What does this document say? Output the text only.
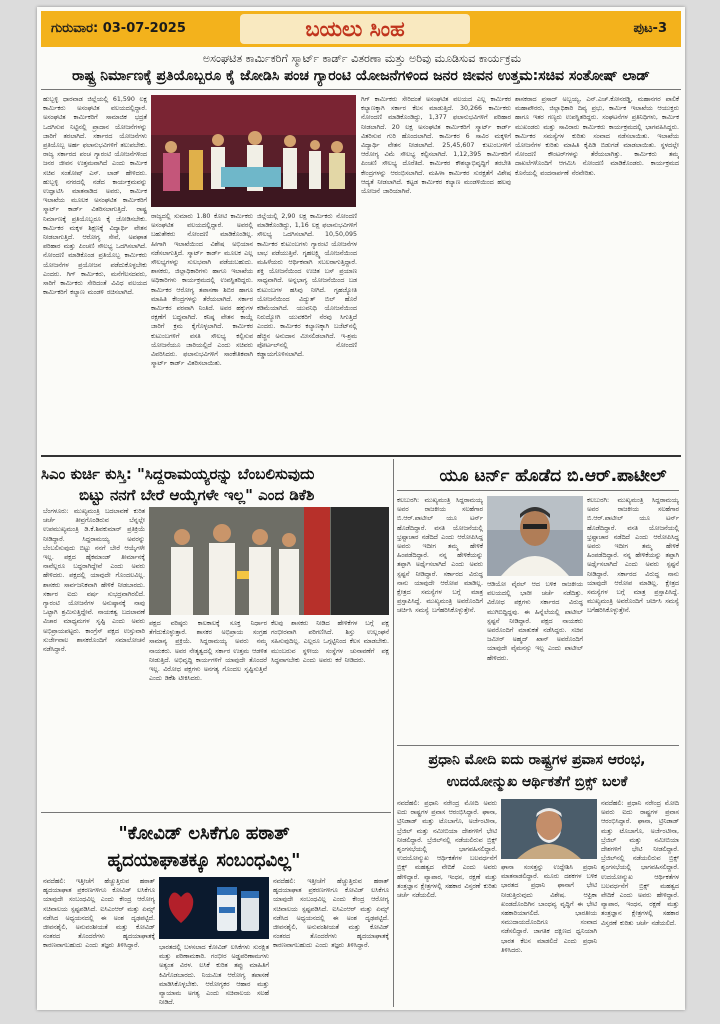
ಗುರುವಾರ: 03-07-2025	ಬಯಲು ಸಿಂಹ	ಪುಟ-3
ಅಸಂಘಟಿತ ಕಾರ್ಮಿಕರಿಗೆ ಸ್ಮಾರ್ಟ್ ಕಾರ್ಡ್ ವಿತರಣಾ ಮತ್ತು ಅರಿವು ಮೂಡಿಸುವ ಕಾರ್ಯಕ್ರಮ
ರಾಷ್ಟ್ರ ನಿರ್ಮಾಣಕ್ಕೆ ಪ್ರತಿಯೊಬ್ಬರೂ ಕೈ ಜೋಡಿಸಿ ಪಂಚ ಗ್ಯಾರಂಟಿ ಯೋಜನೆಗಳಿಂದ ಜನರ ಜೀವನ ಉತ್ತಮ:ಸಚಿವ ಸಂತೋಷ್ ಲಾಡ್
ಹುಬ್ಬಳ್ಳಿ ಧಾರವಾಡ ಜಿಲ್ಲೆಯಲ್ಲಿ 61,590 ಲಕ್ಷ ಕಾರ್ಮಿಕರು ಅಸಂಘಟಿತ ವಲಯದಲ್ಲಿದ್ದಾರೆ. ಅಸಂಘಟಿತ ಕಾರ್ಮಿಕರಿಗೆ ಸಾಮಾಜಿಕ ಭದ್ರತೆ ಒದಗಿಸುವ ನಿಟ್ಟಿನಲ್ಲಿ ಪ್ರಾದಾನ ಯೋಜನೆಗಳನ್ನು ಜಾರಿಗೆ ತರಲಾಗಿದೆ. ಸರ್ಕಾರದ ಯೋಜನೆಗಳು ಪ್ರತಿಯೊಬ್ಬ ಅರ್ಹ ಫಲಾನುಭವಿಗಳಿಗೆ ತಲುಪಬೇಕು. ರಾಜ್ಯ ಸರ್ಕಾರದ ಪಂಚ ಗ್ಯಾರಂಟಿ ಯೋಜನೆಗಳಿಂದ ಜನರ ಜೀವನ ಉತ್ತಮವಾಗಿದೆ ಎಂದು ಕಾರ್ಮಿಕ ಸಚಿವ ಸಂತೋಷ್ ಎಸ್. ಲಾಡ್ ಹೇಳಿದರು. ಹುಬ್ಬಳ್ಳಿ ನಗರದಲ್ಲಿ ನಡೆದ ಕಾರ್ಯಕ್ರಮವನ್ನು ಉದ್ಘಾಟಿಸಿ ಮಾತನಾಡಿದ ಅವರು, ಕಾರ್ಮಿಕ ಇಲಾಖೆಯ ಮೂಲಕ ಅಸಂಘಟಿತ ಕಾರ್ಮಿಕರಿಗೆ ಸ್ಮಾರ್ಟ್ ಕಾರ್ಡ್ ವಿತರಿಸಲಾಗುತ್ತಿದೆ. ರಾಷ್ಟ್ರ ನಿರ್ಮಾಣಕ್ಕೆ ಪ್ರತಿಯೊಬ್ಬರೂ ಕೈ ಜೋಡಿಸಬೇಕು. ಕಾರ್ಮಿಕರ ಮಕ್ಕಳ ಶಿಕ್ಷಣಕ್ಕೆ ವಿದ್ಯಾರ್ಥಿ ವೇತನ ನೀಡಲಾಗುತ್ತಿದೆ. ಆರೋಗ್ಯ ಸೇವೆ, ಅಪಘಾತ ಪರಿಹಾರ ಮತ್ತು ಪಿಂಚಣಿ ಸೌಲಭ್ಯ ಒದಗಿಸಲಾಗಿದೆ. ನೋಂದಣಿ ಮಾಡಿಕೊಂಡ ಪ್ರತಿಯೊಬ್ಬ ಕಾರ್ಮಿಕರು ಯೋಜನೆಗಳ ಪ್ರಯೋಜನ ಪಡೆದುಕೊಳ್ಳಬೇಕು ಎಂದರು. ಗಿಗ್ ಕಾರ್ಮಿಕರು, ಮನೆಗೆಲಸದವರು, ಸಾರಿಗೆ ಕಾರ್ಮಿಕರು ಸೇರಿದಂತೆ ವಿವಿಧ ವಲಯದ ಕಾರ್ಮಿಕರಿಗೆ ಕಲ್ಯಾಣ ಮಂಡಳಿ ರಚಿಸಲಾಗಿದೆ.
ರಾಜ್ಯದಲ್ಲಿ ಸುಮಾರು 1.80 ಕೋಟಿ ಕಾರ್ಮಿಕರು ಅಸಂಘಟಿತ ವಲಯದಲ್ಲಿದ್ದಾರೆ. ಅವರಲ್ಲಿ ಬಹುತೇಕರು ನೋಂದಣಿ ಮಾಡಿಕೊಂಡಿಲ್ಲ. ಹೀಗಾಗಿ ಇಲಾಖೆಯಿಂದ ವಿಶೇಷ ಅಭಿಯಾನ ನಡೆಸಲಾಗುತ್ತಿದೆ. ಸ್ಮಾರ್ಟ್ ಕಾರ್ಡ್ ಮೂಲಕ ಎಲ್ಲ ಸೌಲಭ್ಯಗಳನ್ನು ಸುಲಭವಾಗಿ ಪಡೆಯಬಹುದು. ಶಾಸಕರು, ಜಿಲ್ಲಾಧಿಕಾರಿಗಳು ಹಾಗೂ ಇಲಾಖೆಯ ಅಧಿಕಾರಿಗಳು ಕಾರ್ಯಕ್ರಮದಲ್ಲಿ ಉಪಸ್ಥಿತರಿದ್ದರು. ಕಾರ್ಮಿಕರ ಆರೋಗ್ಯ ತಪಾಸಣಾ ಶಿಬಿರ ಹಾಗೂ ಮಾಹಿತಿ ಕೇಂದ್ರಗಳನ್ನು ತೆರೆಯಲಾಗಿದೆ. ಸರ್ಕಾರ ಕಾರ್ಮಿಕರ ಪರವಾಗಿ ನಿಂತಿದೆ. ಅವರ ಹಕ್ಕುಗಳ ರಕ್ಷಣೆಗೆ ಬದ್ಧವಾಗಿದೆ. ಕನಿಷ್ಠ ವೇತನ ಕಾಯ್ದೆ ಜಾರಿಗೆ ಕ್ರಮ ಕೈಗೊಳ್ಳಲಾಗಿದೆ. ಕಾರ್ಮಿಕರ ಕುಟುಂಬಗಳಿಗೆ ವಸತಿ ಸೌಲಭ್ಯ ಕಲ್ಪಿಸುವ ಯೋಜನೆಯೂ ಜಾರಿಯಲ್ಲಿದೆ ಎಂದು ಸಚಿವರು ವಿವರಿಸಿದರು. ಫಲಾನುಭವಿಗಳಿಗೆ ಸಾಂಕೇತಿಕವಾಗಿ ಸ್ಮಾರ್ಟ್ ಕಾರ್ಡ್ ವಿತರಿಸಲಾಯಿತು.
ಜಿಲ್ಲೆಯಲ್ಲಿ 2,90 ಲಕ್ಷ ಕಾರ್ಮಿಕರು ನೋಂದಣಿ ಮಾಡಿಕೊಂಡಿದ್ದು, 1,16 ಲಕ್ಷ ಫಲಾನುಭವಿಗಳಿಗೆ ಸೌಲಭ್ಯ ಒದಗಿಸಲಾಗಿದೆ. 10,50,095 ಕಾರ್ಮಿಕರ ಕುಟುಂಬಗಳು ಗ್ಯಾರಂಟಿ ಯೋಜನೆಗಳ ಲಾಭ ಪಡೆಯುತ್ತಿವೆ. ಗೃಹಲಕ್ಷ್ಮಿ ಯೋಜನೆಯಿಂದ ಮಹಿಳೆಯರು ಆರ್ಥಿಕವಾಗಿ ಸಬಲರಾಗುತ್ತಿದ್ದಾರೆ. ಶಕ್ತಿ ಯೋಜನೆಯಿಂದ ಉಚಿತ ಬಸ್ ಪ್ರಯಾಣ ಸಾಧ್ಯವಾಗಿದೆ. ಅನ್ನಭಾಗ್ಯ ಯೋಜನೆಯಿಂದ ಬಡ ಕುಟುಂಬಗಳ ಹಸಿವು ನೀಗಿದೆ. ಗೃಹಜ್ಯೋತಿ ಯೋಜನೆಯಿಂದ ವಿದ್ಯುತ್ ಬಿಲ್ ಹೊರೆ ಕಡಿಮೆಯಾಗಿದೆ. ಯುವನಿಧಿ ಯೋಜನೆಯಿಂದ ನಿರುದ್ಯೋಗಿ ಯುವಕರಿಗೆ ನೆರವು ಸಿಗುತ್ತಿದೆ ಎಂದರು. ಕಾರ್ಮಿಕರ ಕಲ್ಯಾಣಕ್ಕಾಗಿ ಬಜೆಟ್‌ನಲ್ಲಿ ಹೆಚ್ಚಿನ ಅನುದಾನ ಮೀಸಲಿಡಲಾಗಿದೆ. ಇ-ಶ್ರಮ ಪೋರ್ಟಲ್‌ನಲ್ಲಿ ನೋಂದಣಿ ಕಡ್ಡಾಯಗೊಳಿಸಲಾಗಿದೆ.
ಗಿಗ್ ಕಾರ್ಮಿಕರು ಸೇರಿದಂತೆ ಅಸಂಘಟಿತ ವಲಯದ ಎಲ್ಲ ಕಾರ್ಮಿಕರ ಕಲ್ಯಾಣಕ್ಕಾಗಿ ಸರ್ಕಾರ ಕೆಲಸ ಮಾಡುತ್ತಿದೆ. 30,266 ಕಾರ್ಮಿಕರು ನೋಂದಣಿ ಮಾಡಿಕೊಂಡಿದ್ದು, 1,377 ಫಲಾನುಭವಿಗಳಿಗೆ ಪರಿಹಾರ ನೀಡಲಾಗಿದೆ. 20 ಲಕ್ಷ ಅಸಂಘಟಿತ ಕಾರ್ಮಿಕರಿಗೆ ಸ್ಮಾರ್ಟ್ ಕಾರ್ಡ್ ವಿತರಿಸುವ ಗುರಿ ಹೊಂದಲಾಗಿದೆ. ಕಾರ್ಮಿಕರ 6 ಸಾವಿರ ಮಕ್ಕಳಿಗೆ ವಿದ್ಯಾರ್ಥಿ ವೇತನ ನೀಡಲಾಗಿದೆ. 25,45,607 ಕುಟುಂಬಗಳಿಗೆ ಆರೋಗ್ಯ ವಿಮೆ ಸೌಲಭ್ಯ ಕಲ್ಪಿಸಲಾಗಿದೆ. 1,12,395 ಕಾರ್ಮಿಕರಿಗೆ ಪಿಂಚಣಿ ಸೌಲಭ್ಯ ದೊರೆತಿದೆ. ಕಾರ್ಮಿಕರ ಕೌಶಲ್ಯಾಭಿವೃದ್ಧಿಗೆ ತರಬೇತಿ ಕೇಂದ್ರಗಳನ್ನು ಆರಂಭಿಸಲಾಗಿದೆ. ಮಹಿಳಾ ಕಾರ್ಮಿಕರ ಸುರಕ್ಷತೆಗೆ ವಿಶೇಷ ಆದ್ಯತೆ ನೀಡಲಾಗಿದೆ. ಕಟ್ಟಡ ಕಾರ್ಮಿಕರ ಕಲ್ಯಾಣ ಮಂಡಳಿಯಿಂದ ಹಲವು ಯೋಜನೆ ಜಾರಿಯಾಗಿವೆ.
ಶಾಸಕರಾದ ಪ್ರಸಾದ್ ಅಬ್ಬಯ್ಯ, ಎನ್.ಎಚ್.ಕೋನರಡ್ಡಿ, ಮಹಾನಗರ ಪಾಲಿಕೆ ಮಹಾಪೌರರು, ಜಿಲ್ಲಾಧಿಕಾರಿ ದಿವ್ಯ ಪ್ರಭು, ಕಾರ್ಮಿಕ ಇಲಾಖೆಯ ಆಯುಕ್ತರು ಹಾಗೂ ಇತರ ಗಣ್ಯರು ಉಪಸ್ಥಿತರಿದ್ದರು. ಸಂಘಟನೆಗಳ ಪ್ರತಿನಿಧಿಗಳು, ಕಾರ್ಮಿಕ ಮುಖಂಡರು ಮತ್ತು ಸಾವಿರಾರು ಕಾರ್ಮಿಕರು ಕಾರ್ಯಕ್ರಮದಲ್ಲಿ ಭಾಗವಹಿಸಿದ್ದರು. ಕಾರ್ಮಿಕರ ಸಮಸ್ಯೆಗಳ ಕುರಿತು ಸಂವಾದ ನಡೆಸಲಾಯಿತು. ಇಲಾಖೆಯ ಯೋಜನೆಗಳ ಕುರಿತು ಮಾಹಿತಿ ಕೈಪಿಡಿ ಬಿಡುಗಡೆ ಮಾಡಲಾಯಿತು. ಸ್ಥಳದಲ್ಲೇ ನೋಂದಣಿ ಕೌಂಟರ್‌ಗಳನ್ನು ತೆರೆಯಲಾಗಿತ್ತು. ಕಾರ್ಮಿಕರು ತಮ್ಮ ದಾಖಲೆಗಳೊಂದಿಗೆ ಆಗಮಿಸಿ ನೋಂದಣಿ ಮಾಡಿಕೊಂಡರು. ಕಾರ್ಯಕ್ರಮದ ಕೊನೆಯಲ್ಲಿ ವಂದನಾರ್ಪಣೆ ನೆರವೇರಿತು.
ಸಿಎಂ ಕುರ್ಚಿ ಕುಸ್ತಿ: "ಸಿದ್ದರಾಮಯ್ಯರನ್ನು ಬೆಂಬಲಿಸುವುದು
ಬಿಟ್ಟು ನನಗೆ ಬೇರೆ ಆಯ್ಕೆಗಳೇ ಇಲ್ಲ" ಎಂದ ಡಿಕೆಶಿ
ಬೆಂಗಳೂರು: ಮುಖ್ಯಮಂತ್ರಿ ಬದಲಾವಣೆ ಕುರಿತ ಚರ್ಚೆ ತೀವ್ರಗೊಂಡಿರುವ ಬೆನ್ನಲ್ಲೇ ಉಪಮುಖ್ಯಮಂತ್ರಿ ಡಿ.ಕೆ.ಶಿವಕುಮಾರ್ ಪ್ರತಿಕ್ರಿಯೆ ನೀಡಿದ್ದಾರೆ. ಸಿದ್ದರಾಮಯ್ಯ ಅವರನ್ನು ಬೆಂಬಲಿಸುವುದು ಬಿಟ್ಟು ನನಗೆ ಬೇರೆ ಆಯ್ಕೆಗಳೇ ಇಲ್ಲ. ಪಕ್ಷದ ಹೈಕಮಾಂಡ್ ತೀರ್ಮಾನಕ್ಕೆ ನಾವೆಲ್ಲರೂ ಬದ್ಧರಾಗಿದ್ದೇವೆ ಎಂದು ಅವರು ಹೇಳಿದರು. ಪಕ್ಷದಲ್ಲಿ ಯಾವುದೇ ಗೊಂದಲವಿಲ್ಲ. ಶಾಸಕರು ಸಾರ್ವಜನಿಕವಾಗಿ ಹೇಳಿಕೆ ನೀಡಬಾರದು. ಸರ್ಕಾರ ಐದು ವರ್ಷ ಸುಭದ್ರವಾಗಿರಲಿದೆ. ಗ್ಯಾರಂಟಿ ಯೋಜನೆಗಳ ಅನುಷ್ಠಾನಕ್ಕೆ ನಾವು ಒಟ್ಟಾಗಿ ಶ್ರಮಿಸುತ್ತಿದ್ದೇವೆ. ನಾಯಕತ್ವ ಬದಲಾವಣೆ ವಿಚಾರ ಮಾಧ್ಯಮಗಳ ಸೃಷ್ಟಿ ಎಂದು ಅವರು ಅಭಿಪ್ರಾಯಪಟ್ಟರು. ಕಾಂಗ್ರೆಸ್ ಪಕ್ಷದ ಉಸ್ತುವಾರಿ ಸುರ್ಜೇವಾಲ ಶಾಸಕರೊಂದಿಗೆ ಸಮಾಲೋಚನೆ ನಡೆಸಿದ್ದಾರೆ.
ಪಕ್ಷದ ವರಿಷ್ಠರು ಕಾಲಕಾಲಕ್ಕೆ ಸೂಕ್ತ ನಿರ್ಧಾರ ತೆಗೆದುಕೊಳ್ಳುತ್ತಾರೆ. ಶಾಸಕರ ಅಭಿಪ್ರಾಯ ಸಂಗ್ರಹ ಸಾಮಾನ್ಯ ಪ್ರಕ್ರಿಯೆ. ಸಿದ್ದರಾಮಯ್ಯ ಅವರು ನಮ್ಮ ನಾಯಕರು. ಅವರ ನೇತೃತ್ವದಲ್ಲಿ ಸರ್ಕಾರ ಉತ್ತಮ ಆಡಳಿತ ನೀಡುತ್ತಿದೆ. ಅಭಿವೃದ್ಧಿ ಕಾರ್ಯಗಳಿಗೆ ಯಾವುದೇ ತೊಂದರೆ ಇಲ್ಲ. ವಿರೋಧ ಪಕ್ಷಗಳು ಅನಗತ್ಯ ಗೊಂದಲ ಸೃಷ್ಟಿಸುತ್ತಿವೆ ಎಂದು ಡಿಕೆಶಿ ಟೀಕಿಸಿದರು.
ಕೆಲವು ಶಾಸಕರು ನೀಡಿದ ಹೇಳಿಕೆಗಳ ಬಗ್ಗೆ ಪಕ್ಷ ಗಂಭೀರವಾಗಿ ಪರಿಗಣಿಸಿದೆ. ಶಿಸ್ತು ಉಲ್ಲಂಘನೆ ಸಹಿಸುವುದಿಲ್ಲ. ಎಲ್ಲರೂ ಒಗ್ಗಟ್ಟಿನಿಂದ ಕೆಲಸ ಮಾಡಬೇಕು. ಮುಂಬರುವ ಸ್ಥಳೀಯ ಸಂಸ್ಥೆಗಳ ಚುನಾವಣೆಗೆ ಪಕ್ಷ ಸಿದ್ಧವಾಗಬೇಕು ಎಂದು ಅವರು ಕರೆ ನೀಡಿದರು.
ಯೂ ಟರ್ನ್ ಹೊಡೆದ ಬಿ.ಆರ್.ಪಾಟೀಲ್
ಕಲಬುರಗಿ: ಮುಖ್ಯಮಂತ್ರಿ ಸಿದ್ದರಾಮಯ್ಯ ಅವರ ರಾಜಕೀಯ ಸಲಹೆಗಾರ ಬಿ.ಆರ್.ಪಾಟೀಲ್ ಯೂ ಟರ್ನ್ ಹೊಡೆದಿದ್ದಾರೆ. ವಸತಿ ಯೋಜನೆಯಲ್ಲಿ ಭ್ರಷ್ಟಾಚಾರ ನಡೆದಿದೆ ಎಂದು ಆರೋಪಿಸಿದ್ದ ಅವರು ಇದೀಗ ತಮ್ಮ ಹೇಳಿಕೆ ಹಿಂಪಡೆದಿದ್ದಾರೆ. ನನ್ನ ಹೇಳಿಕೆಯನ್ನು ತಪ್ಪಾಗಿ ಅರ್ಥೈಸಲಾಗಿದೆ ಎಂದು ಅವರು ಸ್ಪಷ್ಟನೆ ನೀಡಿದ್ದಾರೆ. ಸರ್ಕಾರದ ವಿರುದ್ಧ ನಾನು ಯಾವುದೇ ಆರೋಪ ಮಾಡಿಲ್ಲ. ಕ್ಷೇತ್ರದ ಸಮಸ್ಯೆಗಳ ಬಗ್ಗೆ ಮಾತ್ರ ಪ್ರಸ್ತಾಪಿಸಿದ್ದೆ. ಮುಖ್ಯಮಂತ್ರಿ ಅವರೊಂದಿಗೆ ಚರ್ಚಿಸಿ ಸಮಸ್ಯೆ ಬಗೆಹರಿಸಿಕೊಳ್ಳುತ್ತೇನೆ.
ಆಡಿಯೋ ವೈರಲ್ ಆದ ಬಳಿಕ ರಾಜಕೀಯ ವಲಯದಲ್ಲಿ ಭಾರೀ ಚರ್ಚೆ ನಡೆದಿತ್ತು. ವಿರೋಧ ಪಕ್ಷಗಳು ಸರ್ಕಾರದ ವಿರುದ್ಧ ಮುಗಿಬಿದ್ದಿದ್ದವು. ಈ ಹಿನ್ನೆಲೆಯಲ್ಲಿ ಪಾಟೀಲ್ ಸ್ಪಷ್ಟನೆ ನೀಡಿದ್ದಾರೆ. ಪಕ್ಷದ ನಾಯಕರು ಅವರೊಂದಿಗೆ ಮಾತುಕತೆ ನಡೆಸಿದ್ದರು. ಸಚಿವ ಜಮೀರ್ ಅಹ್ಮದ್ ಖಾನ್ ಅವರೊಂದಿಗೆ ಯಾವುದೇ ವೈಮನಸ್ಸು ಇಲ್ಲ ಎಂದು ಪಾಟೀಲ್ ಹೇಳಿದರು.
ಕಲಬುರಗಿ: ಮುಖ್ಯಮಂತ್ರಿ ಸಿದ್ದರಾಮಯ್ಯ ಅವರ ರಾಜಕೀಯ ಸಲಹೆಗಾರ ಬಿ.ಆರ್.ಪಾಟೀಲ್ ಯೂ ಟರ್ನ್ ಹೊಡೆದಿದ್ದಾರೆ. ವಸತಿ ಯೋಜನೆಯಲ್ಲಿ ಭ್ರಷ್ಟಾಚಾರ ನಡೆದಿದೆ ಎಂದು ಆರೋಪಿಸಿದ್ದ ಅವರು ಇದೀಗ ತಮ್ಮ ಹೇಳಿಕೆ ಹಿಂಪಡೆದಿದ್ದಾರೆ. ನನ್ನ ಹೇಳಿಕೆಯನ್ನು ತಪ್ಪಾಗಿ ಅರ್ಥೈಸಲಾಗಿದೆ ಎಂದು ಅವರು ಸ್ಪಷ್ಟನೆ ನೀಡಿದ್ದಾರೆ. ಸರ್ಕಾರದ ವಿರುದ್ಧ ನಾನು ಯಾವುದೇ ಆರೋಪ ಮಾಡಿಲ್ಲ. ಕ್ಷೇತ್ರದ ಸಮಸ್ಯೆಗಳ ಬಗ್ಗೆ ಮಾತ್ರ ಪ್ರಸ್ತಾಪಿಸಿದ್ದೆ. ಮುಖ್ಯಮಂತ್ರಿ ಅವರೊಂದಿಗೆ ಚರ್ಚಿಸಿ ಸಮಸ್ಯೆ ಬಗೆಹರಿಸಿಕೊಳ್ಳುತ್ತೇನೆ.
ಪ್ರಧಾನಿ ಮೋದಿ ಐದು ರಾಷ್ಟ್ರಗಳ ಪ್ರವಾಸ ಆರಂಭ,
ಉದಯೋನ್ಮುಖ ಆರ್ಥಿಕತೆಗೆ ಬ್ರಿಕ್ಸ್ ಬಲಕೆ
ನವದೆಹಲಿ: ಪ್ರಧಾನಿ ನರೇಂದ್ರ ಮೋದಿ ಅವರು ಐದು ರಾಷ್ಟ್ರಗಳ ಪ್ರವಾಸ ಆರಂಭಿಸಿದ್ದಾರೆ. ಘಾನಾ, ಟ್ರಿನಿಡಾಡ್ ಮತ್ತು ಟೊಬಾಗೊ, ಅರ್ಜೆಂಟೀನಾ, ಬ್ರೆಜಿಲ್ ಮತ್ತು ನಮೀಬಿಯಾ ದೇಶಗಳಿಗೆ ಭೇಟಿ ನೀಡಲಿದ್ದಾರೆ. ಬ್ರೆಜಿಲ್‌ನಲ್ಲಿ ನಡೆಯಲಿರುವ ಬ್ರಿಕ್ಸ್ ಶೃಂಗಸಭೆಯಲ್ಲಿ ಭಾಗವಹಿಸಲಿದ್ದಾರೆ. ಉದಯೋನ್ಮುಖ ಆರ್ಥಿಕತೆಗಳ ಬಲವರ್ಧನೆಗೆ ಬ್ರಿಕ್ಸ್ ಮಹತ್ವದ ವೇದಿಕೆ ಎಂದು ಅವರು ಹೇಳಿದ್ದಾರೆ. ವ್ಯಾಪಾರ, ಇಂಧನ, ರಕ್ಷಣೆ ಮತ್ತು ತಂತ್ರಜ್ಞಾನ ಕ್ಷೇತ್ರಗಳಲ್ಲಿ ಸಹಕಾರ ವಿಸ್ತರಣೆ ಕುರಿತು ಚರ್ಚೆ ನಡೆಯಲಿದೆ.
ಘಾನಾ ಸಂಸತ್ತನ್ನು ಉದ್ದೇಶಿಸಿ ಪ್ರಧಾನಿ ಮಾತನಾಡಲಿದ್ದಾರೆ. ಮೂರು ದಶಕಗಳ ಬಳಿಕ ಭಾರತದ ಪ್ರಧಾನಿ ಘಾನಾಗೆ ಭೇಟಿ ನೀಡುತ್ತಿರುವುದು ವಿಶೇಷ. ಆಫ್ರಿಕಾ ಖಂಡದೊಂದಿಗಿನ ಬಾಂಧವ್ಯ ವೃದ್ಧಿಗೆ ಈ ಭೇಟಿ ಸಹಕಾರಿಯಾಗಲಿದೆ. ಭಾರತೀಯ ಸಮುದಾಯದೊಂದಿಗೂ ಸಂವಾದ ನಡೆಸಲಿದ್ದಾರೆ. ಜಾಗತಿಕ ದಕ್ಷಿಣದ ಧ್ವನಿಯಾಗಿ ಭಾರತ ಕೆಲಸ ಮಾಡಲಿದೆ ಎಂದು ಪ್ರಧಾನಿ ತಿಳಿಸಿದರು.
ನವದೆಹಲಿ: ಪ್ರಧಾನಿ ನರೇಂದ್ರ ಮೋದಿ ಅವರು ಐದು ರಾಷ್ಟ್ರಗಳ ಪ್ರವಾಸ ಆರಂಭಿಸಿದ್ದಾರೆ. ಘಾನಾ, ಟ್ರಿನಿಡಾಡ್ ಮತ್ತು ಟೊಬಾಗೊ, ಅರ್ಜೆಂಟೀನಾ, ಬ್ರೆಜಿಲ್ ಮತ್ತು ನಮೀಬಿಯಾ ದೇಶಗಳಿಗೆ ಭೇಟಿ ನೀಡಲಿದ್ದಾರೆ. ಬ್ರೆಜಿಲ್‌ನಲ್ಲಿ ನಡೆಯಲಿರುವ ಬ್ರಿಕ್ಸ್ ಶೃಂಗಸಭೆಯಲ್ಲಿ ಭಾಗವಹಿಸಲಿದ್ದಾರೆ. ಉದಯೋನ್ಮುಖ ಆರ್ಥಿಕತೆಗಳ ಬಲವರ್ಧನೆಗೆ ಬ್ರಿಕ್ಸ್ ಮಹತ್ವದ ವೇದಿಕೆ ಎಂದು ಅವರು ಹೇಳಿದ್ದಾರೆ. ವ್ಯಾಪಾರ, ಇಂಧನ, ರಕ್ಷಣೆ ಮತ್ತು ತಂತ್ರಜ್ಞಾನ ಕ್ಷೇತ್ರಗಳಲ್ಲಿ ಸಹಕಾರ ವಿಸ್ತರಣೆ ಕುರಿತು ಚರ್ಚೆ ನಡೆಯಲಿದೆ.
"ಕೋವಿಡ್ ಲಸಿಕೆಗೂ ಹಠಾತ್
ಹೃದಯಾಘಾತಕ್ಕೂ ಸಂಬಂಧವಿಲ್ಲ"
ನವದೆಹಲಿ: ಇತ್ತೀಚೆಗೆ ಹೆಚ್ಚುತ್ತಿರುವ ಹಠಾತ್ ಹೃದಯಾಘಾತ ಪ್ರಕರಣಗಳಿಗೂ ಕೋವಿಡ್ ಲಸಿಕೆಗೂ ಯಾವುದೇ ಸಂಬಂಧವಿಲ್ಲ ಎಂದು ಕೇಂದ್ರ ಆರೋಗ್ಯ ಸಚಿವಾಲಯ ಸ್ಪಷ್ಟಪಡಿಸಿದೆ. ಐಸಿಎಂಆರ್ ಮತ್ತು ಏಮ್ಸ್ ನಡೆಸಿದ ಅಧ್ಯಯನದಲ್ಲಿ ಈ ಅಂಶ ದೃಢಪಟ್ಟಿದೆ. ಜೀವನಶೈಲಿ, ಅನುವಂಶೀಯತೆ ಮತ್ತು ಕೋವಿಡ್ ನಂತರದ ತೊಂದರೆಗಳು ಹೃದಯಾಘಾತಕ್ಕೆ ಕಾರಣವಾಗಬಹುದು ಎಂದು ತಜ್ಞರು ತಿಳಿಸಿದ್ದಾರೆ.	ಭಾರತದಲ್ಲಿ ಬಳಸಲಾದ ಕೋವಿಡ್ ಲಸಿಕೆಗಳು ಸುರಕ್ಷಿತ ಮತ್ತು ಪರಿಣಾಮಕಾರಿ. ಗಂಭೀರ ಅಡ್ಡಪರಿಣಾಮಗಳು ಅತ್ಯಂತ ವಿರಳ. ಲಸಿಕೆ ಕುರಿತ ತಪ್ಪು ಮಾಹಿತಿಗೆ ಕಿವಿಗೊಡಬಾರದು. ನಿಯಮಿತ ಆರೋಗ್ಯ ತಪಾಸಣೆ ಮಾಡಿಸಿಕೊಳ್ಳಬೇಕು. ಆರೋಗ್ಯಕರ ಆಹಾರ ಮತ್ತು ವ್ಯಾಯಾಮ ಅಗತ್ಯ ಎಂದು ಸಚಿವಾಲಯ ಸಲಹೆ ನೀಡಿದೆ.
ನವದೆಹಲಿ: ಇತ್ತೀಚೆಗೆ ಹೆಚ್ಚುತ್ತಿರುವ ಹಠಾತ್ ಹೃದಯಾಘಾತ ಪ್ರಕರಣಗಳಿಗೂ ಕೋವಿಡ್ ಲಸಿಕೆಗೂ ಯಾವುದೇ ಸಂಬಂಧವಿಲ್ಲ ಎಂದು ಕೇಂದ್ರ ಆರೋಗ್ಯ ಸಚಿವಾಲಯ ಸ್ಪಷ್ಟಪಡಿಸಿದೆ. ಐಸಿಎಂಆರ್ ಮತ್ತು ಏಮ್ಸ್ ನಡೆಸಿದ ಅಧ್ಯಯನದಲ್ಲಿ ಈ ಅಂಶ ದೃಢಪಟ್ಟಿದೆ. ಜೀವನಶೈಲಿ, ಅನುವಂಶೀಯತೆ ಮತ್ತು ಕೋವಿಡ್ ನಂತರದ ತೊಂದರೆಗಳು ಹೃದಯಾಘಾತಕ್ಕೆ ಕಾರಣವಾಗಬಹುದು ಎಂದು ತಜ್ಞರು ತಿಳಿಸಿದ್ದಾರೆ.
